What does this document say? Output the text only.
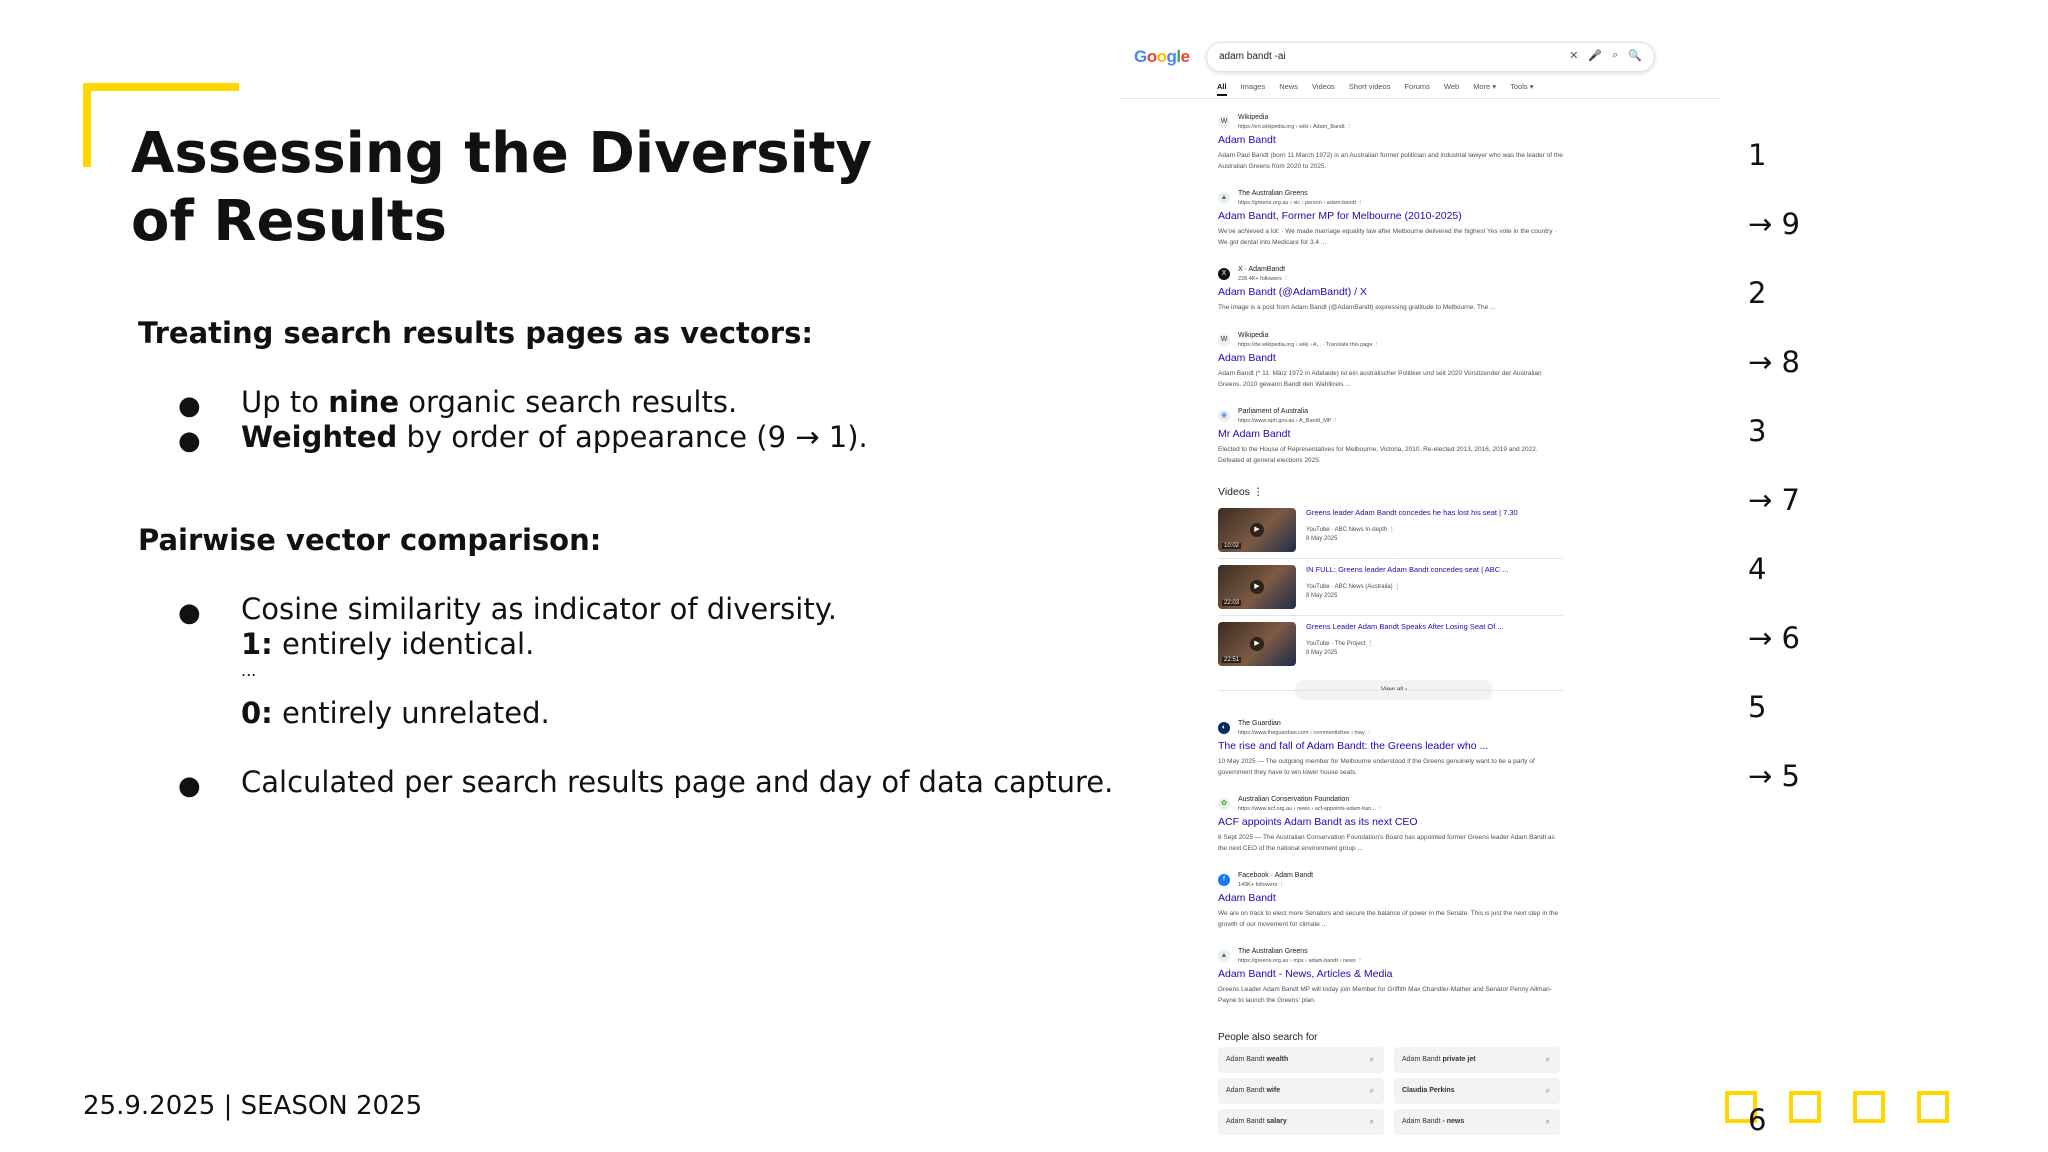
Assessing the Diversity of Results
Treating search results pages as vectors:
● Up to nine organic search results.
● Weighted by order of appearance (9 → 1).
Pairwise vector comparison:
● Cosine similarity as indicator of diversity.
1: entirely identical.
...
0: entirely unrelated.
● Calculated per search results page and day of data capture.
25.9.2025 | SEASON 2025
Google	adam bandt -ai	✕ 🎤 ⌕ 🔍
All Images News Videos Short videos Forums Web More ▾ Tools ▾
W
Wikipedia
https://en.wikipedia.org › wiki › Adam_Bandt ⋮
Adam Bandt
Adam Paul Bandt (born 11 March 1972) is an Australian former politician and industrial lawyer who was the leader of the Australian Greens from 2020 to 2025.
▲
The Australian Greens
https://greens.org.au › vic › person › adam-bandt ⋮
Adam Bandt, Former MP for Melbourne (2010-2025)
We've achieved a lot: · We made marriage equality law after Melbourne delivered the highest Yes vote in the country · We got dental into Medicare for 3.4 ...
X
X · AdamBandt
228.4K+ followers ⋮
Adam Bandt (@AdamBandt) / X
The image is a post from Adam Bandt (@AdamBandt) expressing gratitude to Melbourne. The ...
W
Wikipedia
https://de.wikipedia.org › wiki › A... · Translate this page ⋮
Adam Bandt
Adam Bandt (* 11. März 1972 in Adelaide) ist ein australischer Politiker und seit 2020 Vorsitzender der Australian Greens. 2010 gewann Bandt den Wahlkreis ...
◉
Parliament of Australia
https://www.aph.gov.au › A_Bandt_MP ⋮
Mr Adam Bandt
Elected to the House of Representatives for Melbourne, Victoria, 2010. Re-elected 2013, 2016, 2019 and 2022. Defeated at general elections 2025.
Videos ⋮
▶
10:02
Greens leader Adam Bandt concedes he has lost his seat | 7.30
YouTube · ABC News In-depth ⋮
8 May 2025
▶
22:03
IN FULL: Greens leader Adam Bandt concedes seat | ABC ...
YouTube · ABC News (Australia) ⋮
8 May 2025
▶
22:51
Greens Leader Adam Bandt Speaks After Losing Seat Of ...
YouTube · The Project ⋮
8 May 2025
◐
The Guardian
https://www.theguardian.com › commentisfree › may ⋮
The rise and fall of Adam Bandt: the Greens leader who ...
10 May 2025 — The outgoing member for Melbourne understood if the Greens genuinely want to be a party of government they have to win lower house seats.
✿
Australian Conservation Foundation
https://www.acf.org.au › news › acf-appoints-adam-ban... ⋮
ACF appoints Adam Bandt as its next CEO
8 Sept 2025 — The Australian Conservation Foundation's Board has appointed former Greens leader Adam Bandt as the next CEO of the national environment group ...
f
Facebook · Adam Bandt
149K+ followers ⋮
Adam Bandt
We are on track to elect more Senators and secure the balance of power in the Senate. This is just the next step in the growth of our movement for climate ...
▲
The Australian Greens
https://greens.org.au › mps › adam-bandt › news ⋮
Adam Bandt - News, Articles & Media
Greens Leader Adam Bandt MP will today join Member for Griffith Max Chandler-Mather and Senator Penny Allman-Payne to launch the Greens' plan.
People also search for
Adam Bandt wealth	⌕	Adam Bandt private jet	⌕
Adam Bandt wife	⌕	Claudia Perkins	⌕
Adam Bandt salary	⌕	Adam Bandt - news	⌕
1
→ 9
2
→ 8
3
→ 7
4
→ 6
5
→ 5
6
